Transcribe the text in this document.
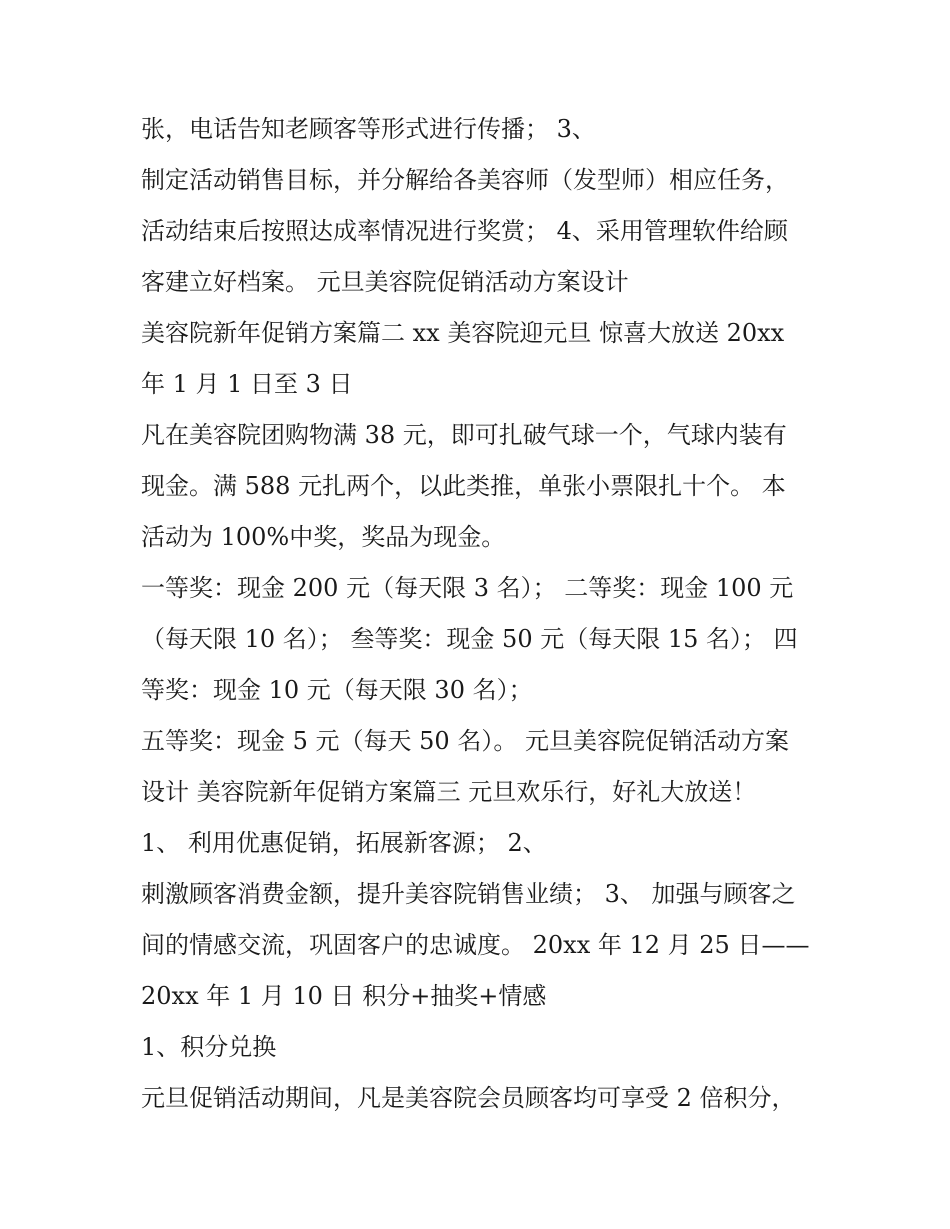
张，电话告知老顾客等形式进行传播； 3、
制定活动销售目标，并分解给各美容师（发型师）相应任务，
活动结束后按照达成率情况进行奖赏； 4、采用管理软件给顾
客建立好档案。 元旦美容院促销活动方案设计
美容院新年促销方案篇二 xx 美容院迎元旦 惊喜大放送 20xx
年 1 月 1 日至 3 日
凡在美容院团购物满 38 元，即可扎破气球一个，气球内装有
现金。满 588 元扎两个，以此类推，单张小票限扎十个。 本
活动为 100%中奖，奖品为现金。
一等奖：现金 200 元（每天限 3 名）； 二等奖：现金 100 元
（每天限 10 名）； 叁等奖：现金 50 元（每天限 15 名）； 四
等奖：现金 10 元（每天限 30 名）；
五等奖：现金 5 元（每天 50 名）。 元旦美容院促销活动方案
设计 美容院新年促销方案篇三 元旦欢乐行，好礼大放送！
1、 利用优惠促销，拓展新客源； 2、
刺激顾客消费金额，提升美容院销售业绩； 3、 加强与顾客之
间的情感交流，巩固客户的忠诚度。 20xx 年 12 月 25 日——
20xx 年 1 月 10 日 积分+抽奖+情感
1、积分兑换
元旦促销活动期间，凡是美容院会员顾客均可享受 2 倍积分，
